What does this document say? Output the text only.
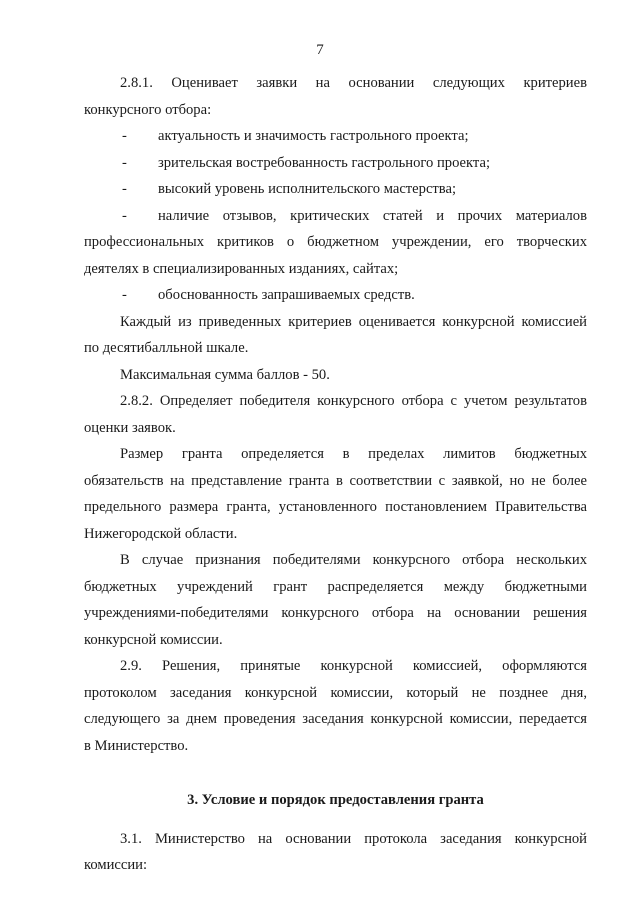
7

2.8.1. Оценивает заявки на основании следующих критериев

конкурсного отбора:

-	актуальность и значимость гастрольного проекта;
-	зрительская востребованность гастрольного проекта;
-	высокий уровень исполнительского мастерства;
-	наличие отзывов, критических статей и прочих материалов

профессиональных критиков о бюджетном учреждении, его творческих

деятелях в специализированных изданиях, сайтах;

-	обоснованность запрашиваемых средств.

Каждый из приведенных критериев оценивается конкурсной комиссией

по десятибалльной шкале.

Максимальная сумма баллов - 50.

2.8.2. Определяет победителя конкурсного отбора с учетом результатов

оценки заявок.

Размер гранта определяется в пределах лимитов бюджетных

обязательств на представление гранта в соответствии с заявкой, но не более

предельного размера гранта, установленного постановлением Правительства

Нижегородской области.

В случае признания победителями конкурсного отбора нескольких

бюджетных учреждений грант распределяется между бюджетными

учреждениями-победителями конкурсного отбора на основании решения

конкурсной комиссии.

2.9. Решения, принятые конкурсной комиссией, оформляются

протоколом заседания конкурсной комиссии, который не позднее дня,

следующего за днем проведения заседания конкурсной комиссии, передается

в Министерство.

3. Условие и порядок предоставления гранта

3.1. Министерство на основании протокола заседания конкурсной

комиссии:
